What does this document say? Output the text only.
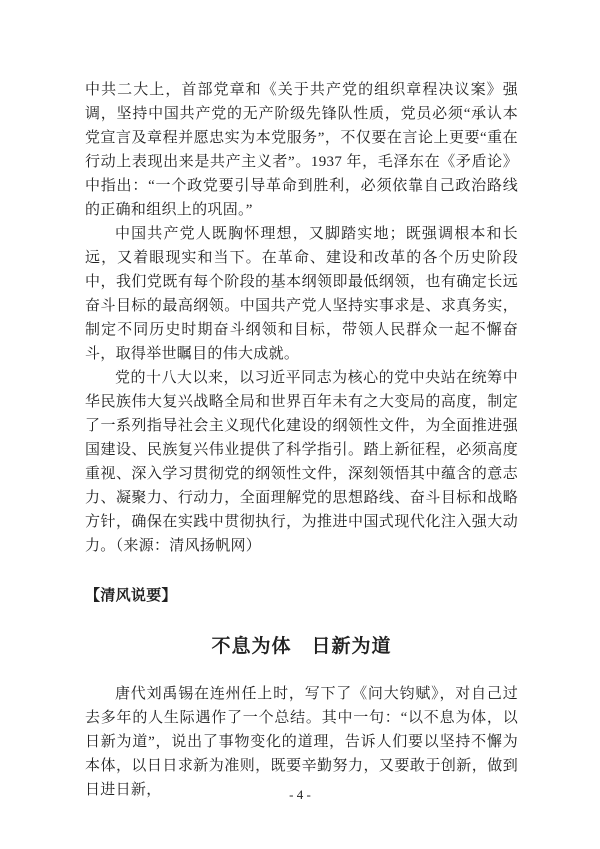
中共二大上，首部党章和《关于共产党的组织章程决议案》强调，坚持中国共产党的无产阶级先锋队性质，党员必须“承认本党宣言及章程并愿忠实为本党服务”，不仅要在言论上更要“重在行动上表现出来是共产主义者”。1937 年，毛泽东在《矛盾论》中指出：“一个政党要引导革命到胜利，必须依靠自己政治路线的正确和组织上的巩固。”

中国共产党人既胸怀理想，又脚踏实地；既强调根本和长远，又着眼现实和当下。在革命、建设和改革的各个历史阶段中，我们党既有每个阶段的基本纲领即最低纲领，也有确定长远奋斗目标的最高纲领。中国共产党人坚持实事求是、求真务实，制定不同历史时期奋斗纲领和目标，带领人民群众一起不懈奋斗，取得举世瞩目的伟大成就。

党的十八大以来，以习近平同志为核心的党中央站在统筹中华民族伟大复兴战略全局和世界百年未有之大变局的高度，制定了一系列指导社会主义现代化建设的纲领性文件，为全面推进强国建设、民族复兴伟业提供了科学指引。踏上新征程，必须高度重视、深入学习贯彻党的纲领性文件，深刻领悟其中蕴含的意志力、凝聚力、行动力，全面理解党的思想路线、奋斗目标和战略方针，确保在实践中贯彻执行，为推进中国式现代化注入强大动力。（来源：清风扬帆网）

【清风说要】
不息为体　日新为道

唐代刘禹锡在连州任上时，写下了《问大钧赋》，对自己过去多年的人生际遇作了一个总结。其中一句：“以不息为体，以日新为道”，说出了事物变化的道理，告诉人们要以坚持不懈为本体，以日日求新为准则，既要辛勤努力，又要敢于创新，做到日进日新，	- 4 -
